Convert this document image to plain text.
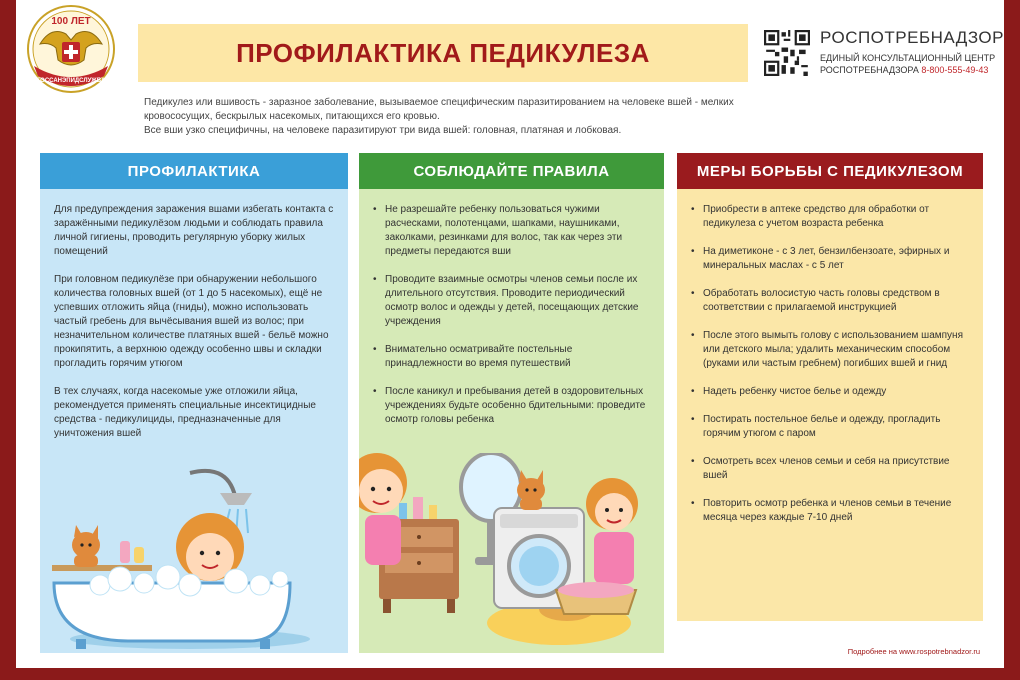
ГОССАНЭПИДСЛУЖБА
100 ЛЕТ
ПРОФИЛАКТИКА ПЕДИКУЛЕЗА	РОСПОТРЕБНАДЗОР
ЕДИНЫЙ КОНСУЛЬТАЦИОННЫЙ ЦЕНТР
РОСПОТРЕБНАДЗОРА 8-800-555-49-43

Педикулез или вшивость - заразное заболевание, вызываемое специфическим паразитированием на человеке вшей - мелких кровососущих, бескрылых насекомых, питающихся его кровью.

Все вши узко специфичны, на человеке паразитируют три вида вшей: головная, платяная и лобковая.

ПРОФИЛАКТИКА

Для предупреждения заражения вшами избегать контакта с заражёнными педикулёзом людьми и соблюдать правила личной гигиены, проводить регулярную уборку жилых помещений

При головном педикулёзе при обнаружении небольшого количества головных вшей (от 1 до 5 насекомых), ещё не успевших отложить яйца (гниды), можно использовать частый гребень для вычёсывания вшей из волос; при незначительном количестве платяных вшей - бельё можно прокипятить, а верхнюю одежду особенно швы и складки прогладить горячим утюгом

В тех случаях, когда насекомые уже отложили яйца, рекомендуется применять специальные инсектицидные средства - педикулициды, предназначенные для уничтожения вшей

СОБЛЮДАЙТЕ ПРАВИЛА
• Не разрешайте ребенку пользоваться чужими расческами, полотенцами, шапками, наушниками, заколками, резинками для волос, так как через эти предметы передаются вши
• Проводите взаимные осмотры членов семьи после их длительного отсутствия. Проводите периодический осмотр волос и одежды у детей, посещающих детские учреждения
• Внимательно осматривайте постельные принадлежности во время путешествий
• После каникул и пребывания детей в оздоровительных учреждениях будьте особенно бдительными: проведите осмотр головы ребенка
МЕРЫ БОРЬБЫ С ПЕДИКУЛЕЗОМ
• Приобрести в аптеке средство для обработки от педикулеза с учетом возраста ребенка
• На диметиконе - с 3 лет, бензилбензоате, эфирных и минеральных маслах - с 5 лет
• Обработать волосистую часть головы средством в соответствии с прилагаемой инструкцией
• После этого вымыть голову с использованием шампуня или детского мыла; удалить механическим способом (руками или частым гребнем) погибших вшей и гнид
• Надеть ребенку чистое белье и одежду
• Постирать постельное белье и одежду, прогладить горячим утюгом с паром
• Осмотреть всех членов семьи и себя на присутствие вшей
• Повторить осмотр ребенка и членов семьи в течение месяца через каждые 7-10 дней
Подробнее на www.rospotrebnadzor.ru
